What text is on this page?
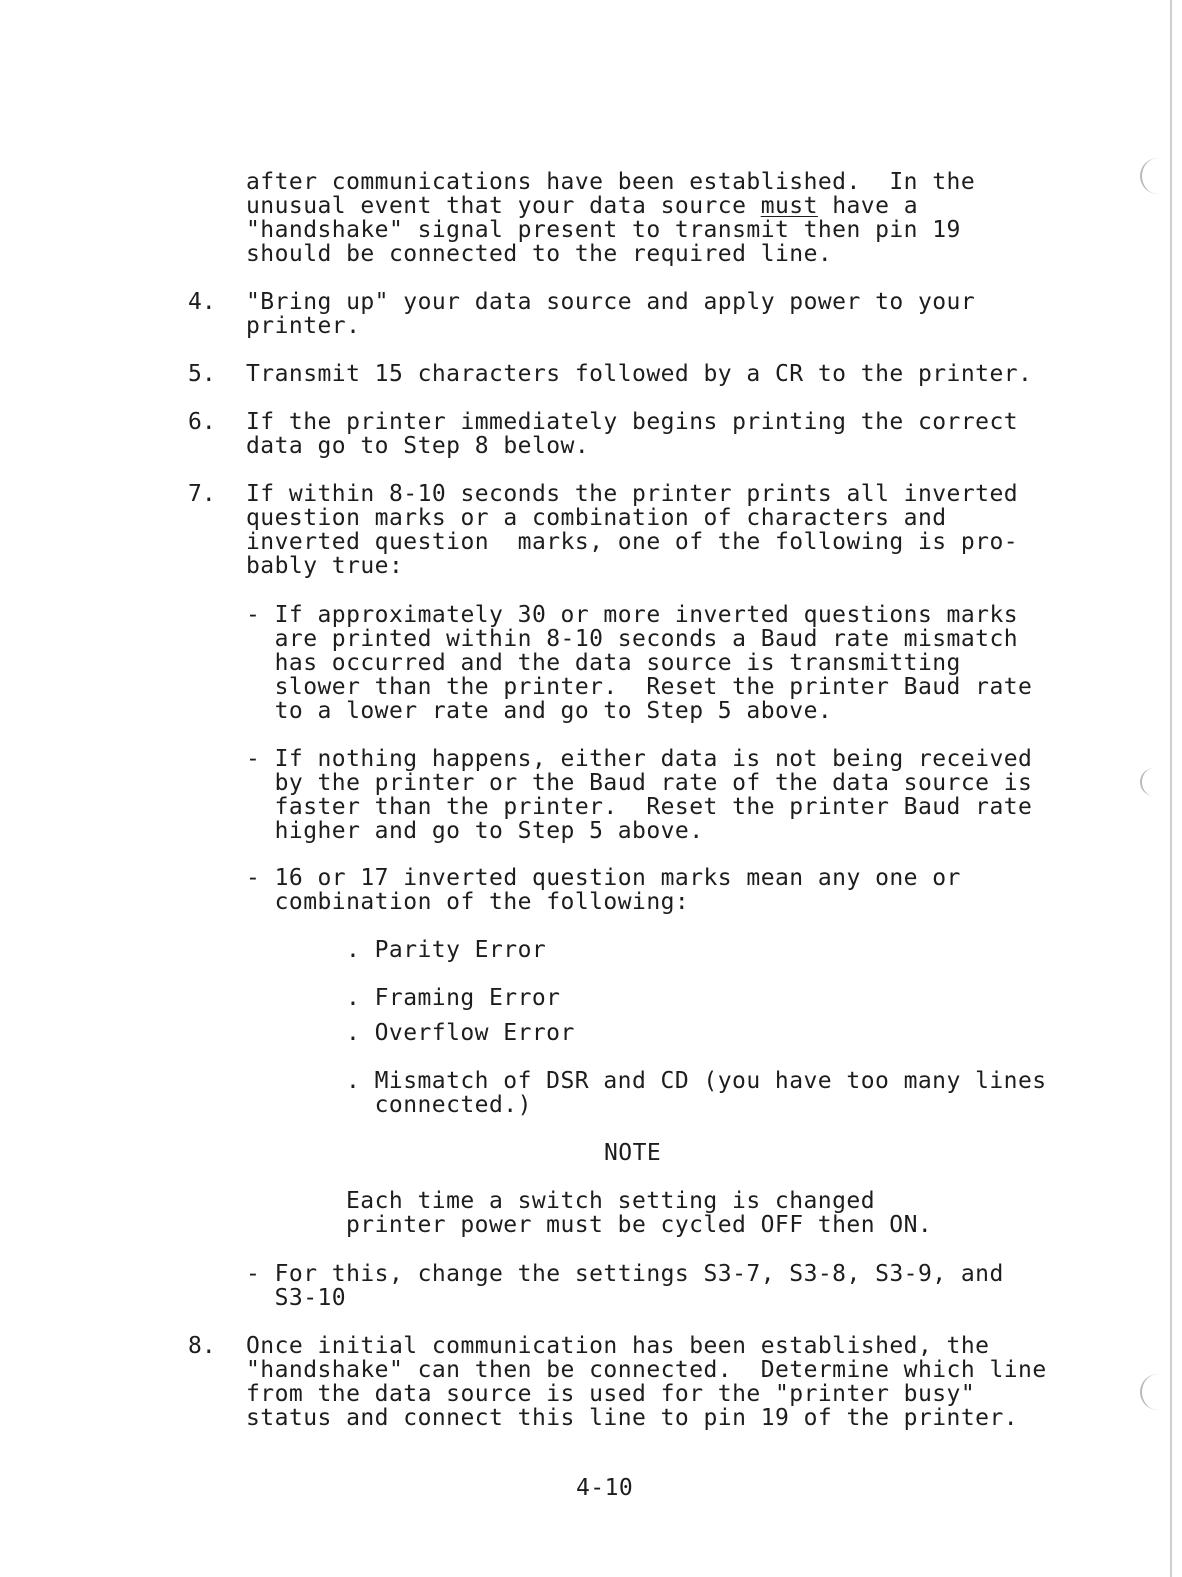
after communications have been established.  In the
unusual event that your data source must have a
"handshake" signal present to transmit then pin 19
should be connected to the required line.
4. "Bring up" your data source and apply power to your
printer.
5. Transmit 15 characters followed by a CR to the printer.
6. If the printer immediately begins printing the correct
data go to Step 8 below.
7. If within 8-10 seconds the printer prints all inverted
question marks or a combination of characters and
inverted question  marks, one of the following is pro-
bably true:
- If approximately 30 or more inverted questions marks
are printed within 8-10 seconds a Baud rate mismatch
has occurred and the data source is transmitting
slower than the printer.  Reset the printer Baud rate
to a lower rate and go to Step 5 above.
- If nothing happens, either data is not being received
by the printer or the Baud rate of the data source is
faster than the printer.  Reset the printer Baud rate
higher and go to Step 5 above.
- 16 or 17 inverted question marks mean any one or
combination of the following:
. Parity Error
. Framing Error
. Overflow Error
. Mismatch of DSR and CD (you have too many lines
connected.)
NOTE
Each time a switch setting is changed
printer power must be cycled OFF then ON.
- For this, change the settings S3-7, S3-8, S3-9, and
S3-10
8. Once initial communication has been established, the
"handshake" can then be connected.  Determine which line
from the data source is used for the "printer busy"
status and connect this line to pin 19 of the printer.
4-10
